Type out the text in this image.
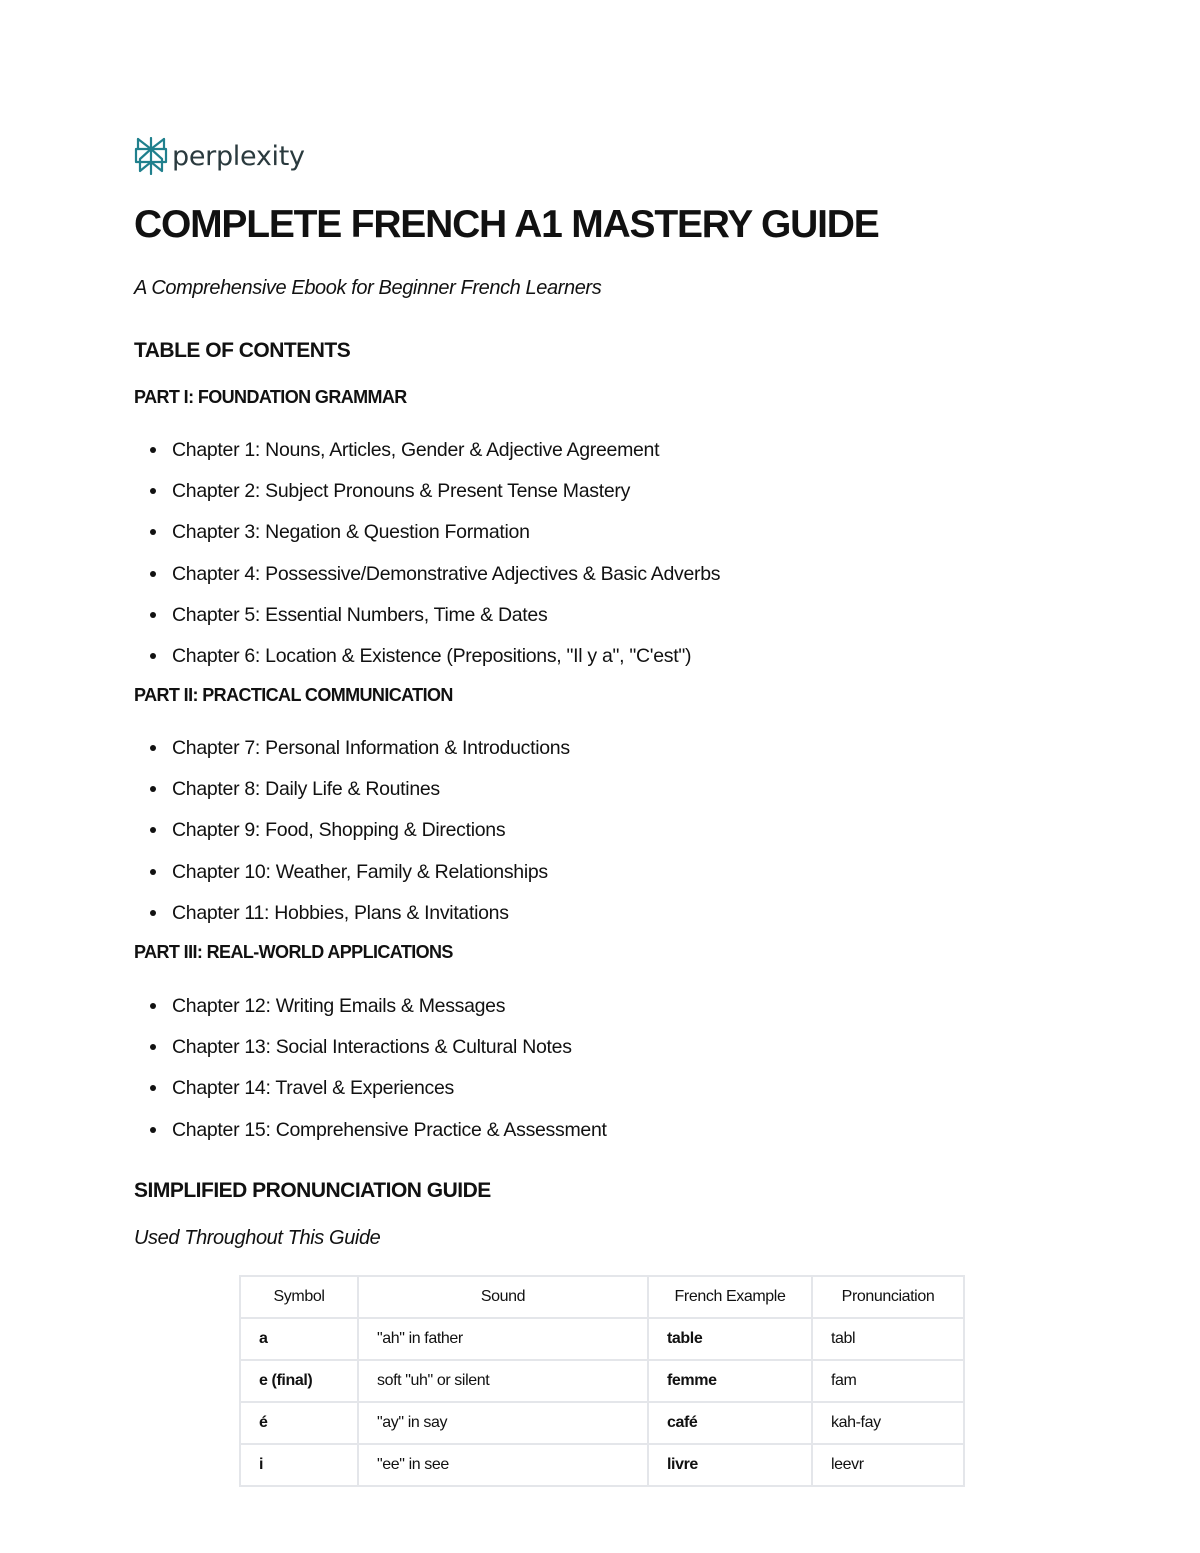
perplexity
COMPLETE FRENCH A1 MASTERY GUIDE

A Comprehensive Ebook for Beginner French Learners

TABLE OF CONTENTS
PART I: FOUNDATION GRAMMAR
Chapter 1: Nouns, Articles, Gender & Adjective Agreement
Chapter 2: Subject Pronouns & Present Tense Mastery
Chapter 3: Negation & Question Formation
Chapter 4: Possessive/Demonstrative Adjectives & Basic Adverbs
Chapter 5: Essential Numbers, Time & Dates
Chapter 6: Location & Existence (Prepositions, "Il y a", "C'est")
PART II: PRACTICAL COMMUNICATION
Chapter 7: Personal Information & Introductions
Chapter 8: Daily Life & Routines
Chapter 9: Food, Shopping & Directions
Chapter 10: Weather, Family & Relationships
Chapter 11: Hobbies, Plans & Invitations
PART III: REAL-WORLD APPLICATIONS
Chapter 12: Writing Emails & Messages
Chapter 13: Social Interactions & Cultural Notes
Chapter 14: Travel & Experiences
Chapter 15: Comprehensive Practice & Assessment
SIMPLIFIED PRONUNCIATION GUIDE

Used Throughout This Guide

Symbol	Sound	French Example	Pronunciation
a	"ah" in father	table	tabl
e (final)	soft "uh" or silent	femme	fam
é	"ay" in say	café	kah-fay
i	"ee" in see	livre	leevr
